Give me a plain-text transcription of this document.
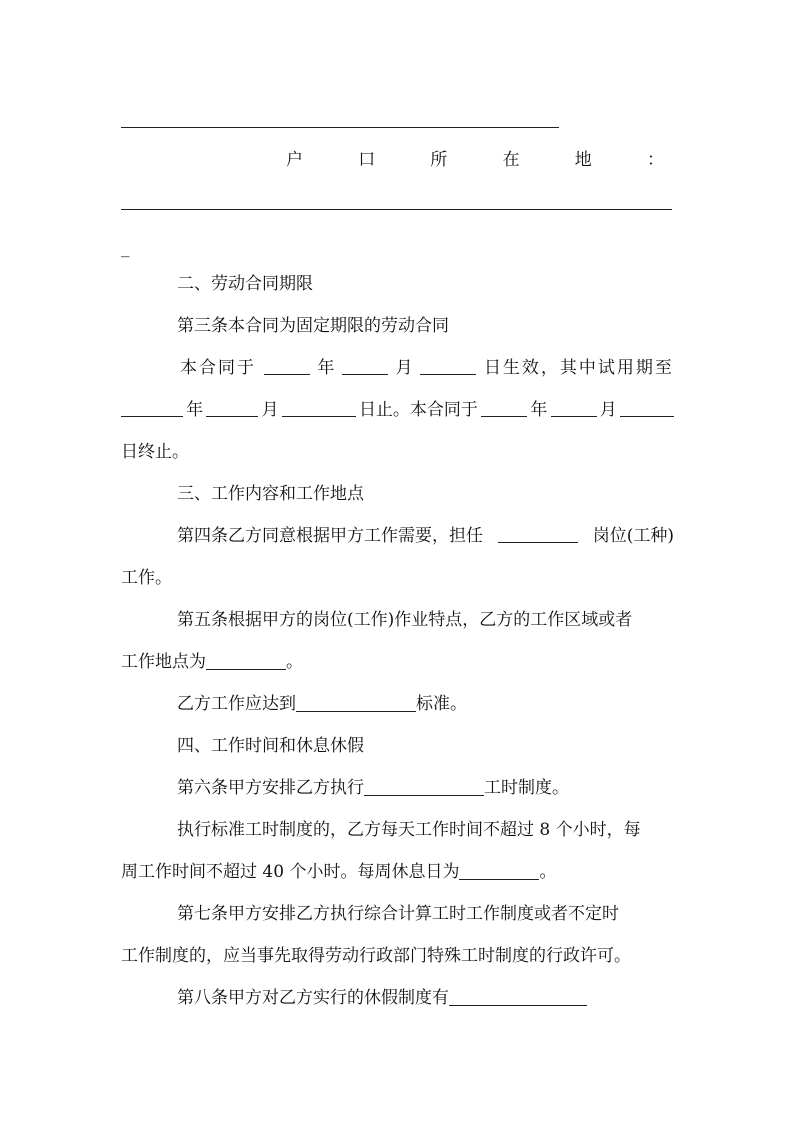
户	口	所	在	地	：
_
二、劳动合同期限
第三条本合同为固定期限的劳动合同
本合同于	年	月	日生效，其中试用期至
年	月	日止。本合同于	年	月
日终止。
三、工作内容和工作地点
第四条乙方同意根据甲方工作需要，担任	岗位(工种)
工作。
第五条根据甲方的岗位(工作)作业特点，乙方的工作区域或者
工作地点为	。
乙方工作应达到	标准。
四、工作时间和休息休假
第六条甲方安排乙方执行	工时制度。
执行标准工时制度的，乙方每天工作时间不超过 8 个小时，每
周工作时间不超过 40 个小时。每周休息日为	。
第七条甲方安排乙方执行综合计算工时工作制度或者不定时
工作制度的，应当事先取得劳动行政部门特殊工时制度的行政许可。
第八条甲方对乙方实行的休假制度有
